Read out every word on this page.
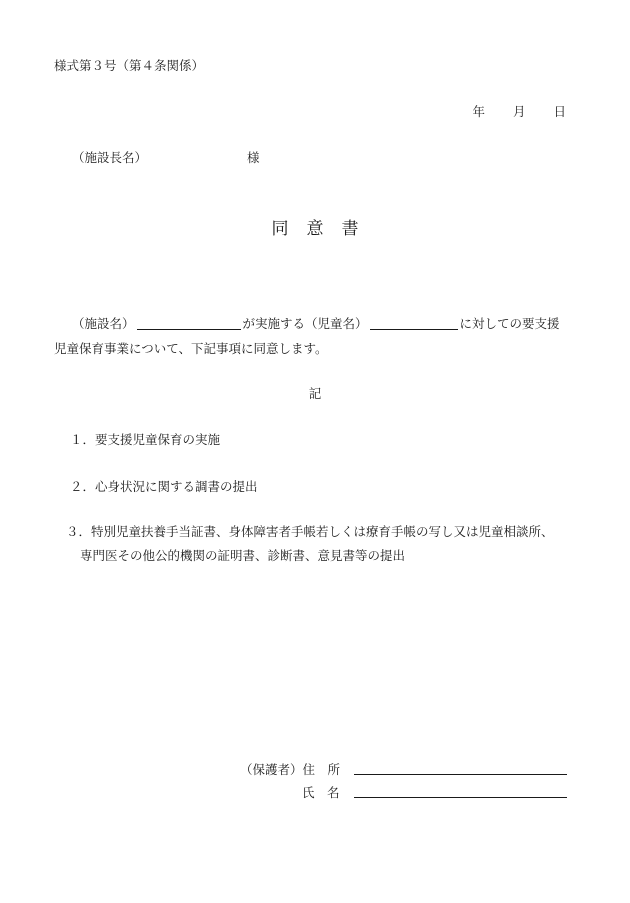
様式第３号（第４条関係）
年 月 日
（施設長名）	様
同意書
（施設名）	が実施する（児童名）	に対しての要支援
児童保育事業について、下記事項に同意します。
記
１．要支援児童保育の実施
２．心身状況に関する調書の提出
３．特別児童扶養手当証書、身体障害者手帳若しくは療育手帳の写し又は児童相談所、
専門医その他公的機関の証明書、診断書、意見書等の提出
（保護者）住　所
氏　名
